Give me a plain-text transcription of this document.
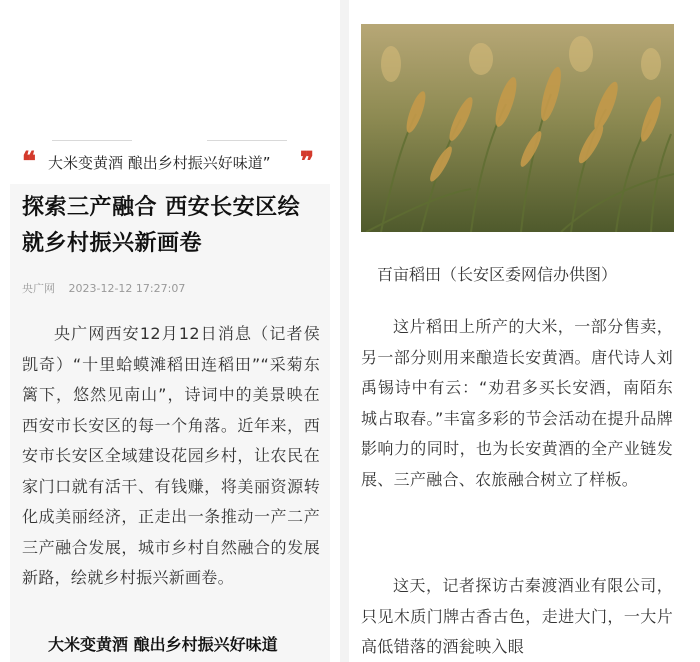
❝ 大米变黄酒 酿出乡村振兴好味道” ❞
探索三产融合 西安长安区绘就乡村振兴新画卷
央广网 2023-12-12 17:27:07
央广网西安12月12日消息（记者侯凯奇）“十里蛤蟆滩稻田连稻田”“采菊东篱下，悠然见南山”，诗词中的美景映在西安市长安区的每一个角落。近年来，西安市长安区全域建设花园乡村，让农民在家门口就有活干、有钱赚，将美丽资源转化成美丽经济，正走出一条推动一产二产三产融合发展，城市乡村自然融合的发展新路，绘就乡村振兴新画卷。
大米变黄酒 酿出乡村振兴好味道
百亩稻田（长安区委网信办供图）
这片稻田上所产的大米，一部分售卖，另一部分则用来酿造长安黄酒。唐代诗人刘禹锡诗中有云：“劝君多买长安酒，南陌东城占取春。”丰富多彩的节会活动在提升品牌影响力的同时，也为长安黄酒的全产业链发展、三产融合、农旅融合树立了样板。
这天，记者探访古秦渡酒业有限公司，只见木质门牌古香古色，走进大门，一大片高低错落的酒瓮映入眼
